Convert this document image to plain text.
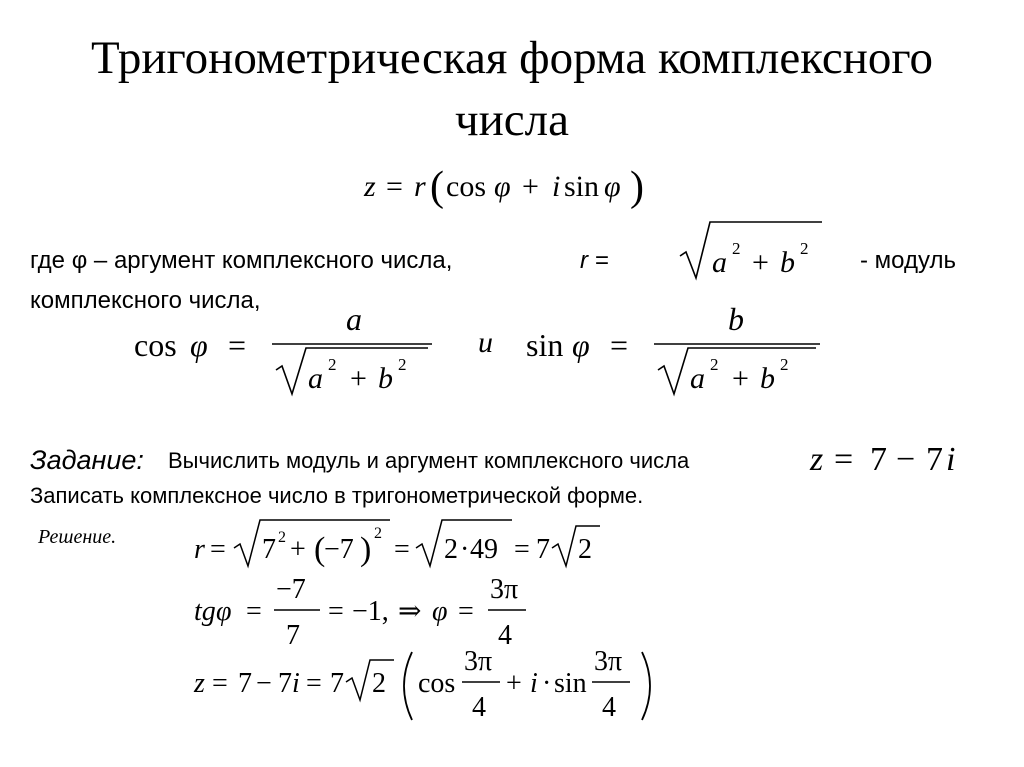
Тригонометрическая форма комплексного
числа
z = r ( cos φ + i sin φ )
где φ – аргумент комплексного числа,	r =	- модуль
комплексного числа,
a 2 + b 2
cos φ =
a
a 2 + b 2
и sin φ =
b
a 2 + b 2
Задание: Вычислить модуль и аргумент комплексного числа	z = 7 − 7 i
Записать комплексное число в тригонометрической форме.
Решение.	r = 7 2 + (
−7 ) 2
= 2 · 49 = 7 2
tg φ =
−7
7
= −1, ⇒ φ =
3π
4
z = 7 − 7 i = 7 2 cos
3π
4
+ i · sin
3π
4
